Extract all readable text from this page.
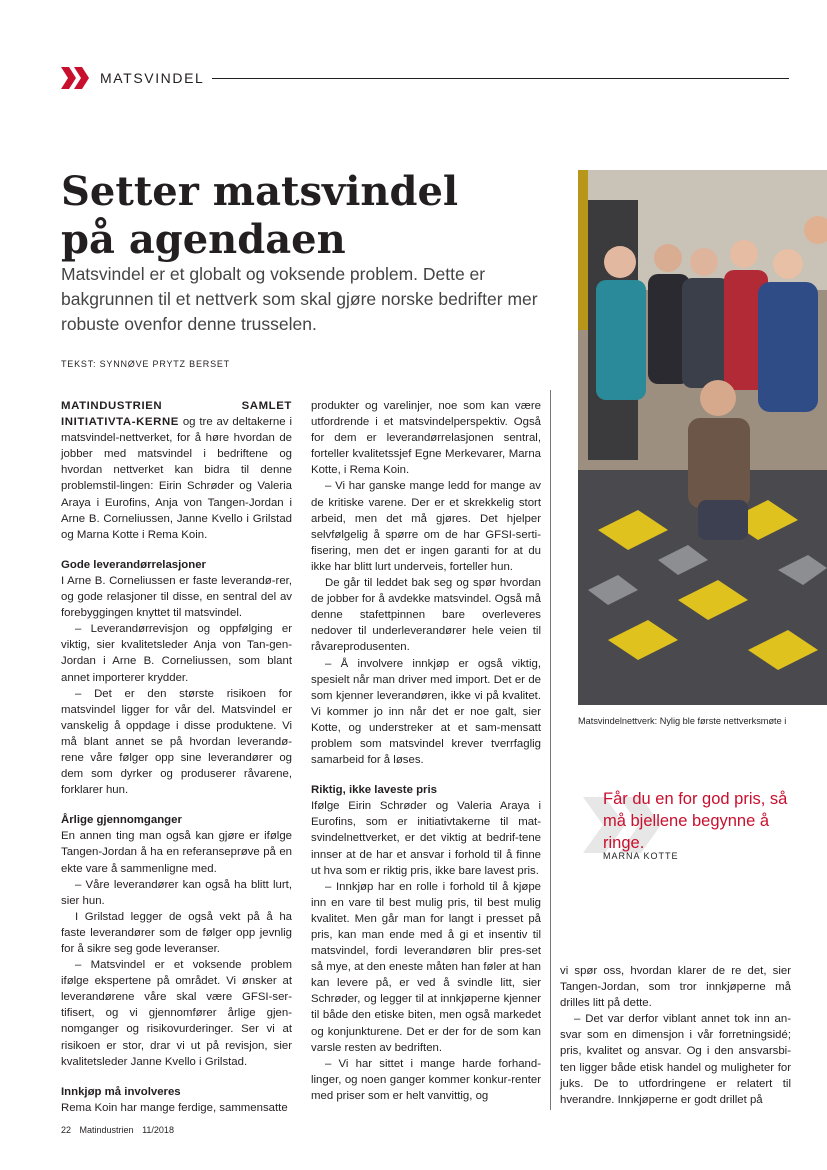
MATSVINDEL
Setter matsvindel
på agendaen
Matsvindel er et globalt og voksende problem. Dette er bakgrunnen til et nettverk som skal gjøre norske bedrifter mer robuste ovenfor denne trusselen.
TEKST: SYNNØVE PRYTZ BERSET

MATINDUSTRIEN SAMLET INITIATIVTA-KERNE og tre av deltakerne i matsvindel-nettverket, for å høre hvordan de jobber med matsvindel i bedriftene og hvordan nettverket kan bidra til denne problemstil-lingen: Eirin Schrøder og Valeria Araya i Eurofins, Anja von Tangen-Jordan i Arne B. Corneliussen, Janne Kvello i Grilstad og Marna Kotte i Rema Koin.

Gode leverandørrelasjoner

I Arne B. Corneliussen er faste leverandø-rer, og gode relasjoner til disse, en sentral del av forebyggingen knyttet til matsvindel.

– Leverandørrevisjon og oppfølging er viktig, sier kvalitetsleder Anja von Tan-gen-Jordan i Arne B. Corneliussen, som blant annet importerer krydder.

– Det er den største risikoen for matsvindel ligger for vår del. Matsvindel er vanskelig å oppdage i disse produktene. Vi må blant annet se på hvordan leverandø-rene våre følger opp sine leverandører og dem som dyrker og produserer råvarene, forklarer hun.

Årlige gjennomganger

En annen ting man også kan gjøre er ifølge Tangen-Jordan å ha en referanseprøve på en ekte vare å sammenligne med.

– Våre leverandører kan også ha blitt lurt, sier hun.

I Grilstad legger de også vekt på å ha faste leverandører som de følger opp jevnlig for å sikre seg gode leveranser.

– Matsvindel er et voksende problem ifølge ekspertene på området. Vi ønsker at leverandørene våre skal være GFSI-ser-tifisert, og vi gjennomfører årlige gjen-nomganger og risikovurderinger. Ser vi at risikoen er stor, drar vi ut på revisjon, sier kvalitetsleder Janne Kvello i Grilstad.

Innkjøp må involveres

Rema Koin har mange ferdige, sammensatte

produkter og varelinjer, noe som kan være utfordrende i et matsvindelperspektiv. Også for dem er leverandørrelasjonen sentral, forteller kvalitetssjef Egne Merkevarer, Marna Kotte, i Rema Koin.

– Vi har ganske mange ledd for mange av de kritiske varene. Der er et skrekkelig stort arbeid, men det må gjøres. Det hjelper selvfølgelig å spørre om de har GFSI-serti-fisering, men det er ingen garanti for at du ikke har blitt lurt underveis, forteller hun.

De går til leddet bak seg og spør hvordan de jobber for å avdekke matsvindel. Også må denne stafettpinnen bare overleveres nedover til underleverandører hele veien til råvareprodusenten.

– Å involvere innkjøp er også viktig, spesielt når man driver med import. Det er de som kjenner leverandøren, ikke vi på kvalitet. Vi kommer jo inn når det er noe galt, sier Kotte, og understreker at et sam-mensatt problem som matsvindel krever tverrfaglig samarbeid for å løses.

Riktig, ikke laveste pris

Ifølge Eirin Schrøder og Valeria Araya i Eurofins, som er initiativtakerne til mat-svindelnettverket, er det viktig at bedrif-tene innser at de har et ansvar i forhold til å finne ut hva som er riktig pris, ikke bare lavest pris.

– Innkjøp har en rolle i forhold til å kjøpe inn en vare til best mulig pris, til best mulig kvalitet. Men går man for langt i presset på pris, kan man ende med å gi et insentiv til matsvindel, fordi leverandøren blir pres-set så mye, at den eneste måten han føler at han kan levere på, er ved å svindle litt, sier Schrøder, og legger til at innkjøperne kjenner til både den etiske biten, men også markedet og konjunkturene. Det er der for de som kan varsle resten av bedriften.

– Vi har sittet i mange harde forhand-linger, og noen ganger kommer konkur-renter med priser som er helt vanvittig, og

Matsvindelnettverk: Nylig ble første nettverksmøte i
Får du en for god pris, så må bjellene begynne å ringe.
MARNA KOTTE

vi spør oss, hvordan klarer de re det, sier Tangen-Jordan, som tror innkjøperne må drilles litt på dette.

– Det var derfor viblant annet tok inn an-svar som en dimensjon i vår forretningsidé; pris, kvalitet og ansvar. Og i den ansvarsbi-ten ligger både etisk handel og muligheter for juks. De to utfordringene er relatert til hverandre. Innkjøperne er godt drillet på

22 Matindustrien 11/2018
